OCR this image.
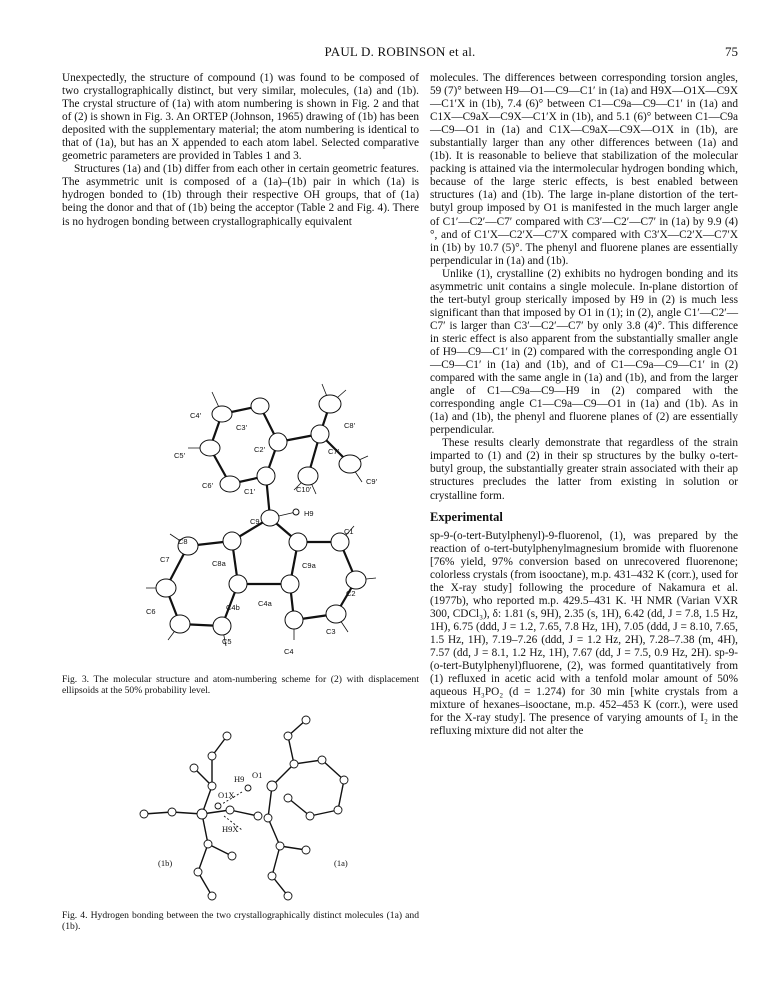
PAUL D. ROBINSON et al.	75

Unexpectedly, the structure of compound (1) was found to be composed of two crystallographically distinct, but very similar, molecules, (1a) and (1b). The crystal structure of (1a) with atom numbering is shown in Fig. 2 and that of (2) is shown in Fig. 3. An ORTEP (Johnson, 1965) drawing of (1b) has been deposited with the supplementary material; the atom numbering is identical to that of (1a), but has an X appended to each atom label. Selected comparative geometric parameters are provided in Tables 1 and 3.

Structures (1a) and (1b) differ from each other in certain geometric features. The asymmetric unit is composed of a (1a)–(1b) pair in which (1a) is hydrogen bonded to (1b) through their respective OH groups, that of (1a) being the donor and that of (1b) being the acceptor (Table 2 and Fig. 4). There is no hydrogen bonding between crystallographically equivalent

C4′
C3′	C8′
C2′	C7′
C5′
C6′	C10′
C9′
C1′
C9
H9
C1
C8
C7	C8a	C9a
C2
C6	C4b C4a
C3
C5
C4
Fig. 3. The molecular structure and atom-numbering scheme for (2) with displacement ellipsoids at the 50% probability level.
H9 O1
O1X
H9X
(1b)	(1a)
Fig. 4. Hydrogen bonding between the two crystallographically distinct molecules (1a) and (1b).

molecules. The differences between corresponding torsion angles, 59 (7)° between H9—O1—C9—C1′ in (1a) and H9X—O1X—C9X—C1′X in (1b), 7.4 (6)° between C1—C9a—C9—C1′ in (1a) and C1X—C9aX—C9X—C1′X in (1b), and 5.1 (6)° between C1—C9a—C9—O1 in (1a) and C1X—C9aX—C9X—O1X in (1b), are substantially larger than any other differences between (1a) and (1b). It is reasonable to believe that stabilization of the molecular packing is attained via the intermolecular hydrogen bonding which, because of the large steric effects, is best enabled between structures (1a) and (1b). The large in-plane distortion of the tert-butyl group imposed by O1 is manifested in the much larger angle of C1′—C2′—C7′ compared with C3′—C2′—C7′ in (1a) by 9.9 (4)°, and of C1′X—C2′X—C7′X compared with C3′X—C2′X—C7′X in (1b) by 10.7 (5)°. The phenyl and fluorene planes are essentially perpendicular in (1a) and (1b).

Unlike (1), crystalline (2) exhibits no hydrogen bonding and its asymmetric unit contains a single molecule. In-plane distortion of the tert-butyl group sterically imposed by H9 in (2) is much less significant than that imposed by O1 in (1); in (2), angle C1′—C2′—C7′ is larger than C3′—C2′—C7′ by only 3.8 (4)°. This difference in steric effect is also apparent from the substantially smaller angle of H9—C9—C1′ in (2) compared with the corresponding angle O1—C9—C1′ in (1a) and (1b), and of C1—C9a—C9—C1′ in (2) compared with the same angle in (1a) and (1b), and from the larger angle of C1—C9a—C9—H9 in (2) compared with the corresponding angle C1—C9a—C9—O1 in (1a) and (1b). As in (1a) and (1b), the phenyl and fluorene planes of (2) are essentially perpendicular.

These results clearly demonstrate that regardless of the strain imparted to (1) and (2) in their sp structures by the bulky o-tert-butyl group, the substantially greater strain associated with their ap structures precludes the latter from existing in solution or crystalline form.

Experimental

sp-9-(o-tert-Butylphenyl)-9-fluorenol, (1), was prepared by the reaction of o-tert-butylphenylmagnesium bromide with fluorenone [76% yield, 97% conversion based on unrecovered fluorenone; colorless crystals (from isooctane), m.p. 431–432 K (corr.), used for the X-ray study] following the procedure of Nakamura et al. (1977b), who reported m.p. 429.5–431 K. ¹H NMR (Varian VXR 300, CDCl₃), δ: 1.81 (s, 9H), 2.35 (s, 1H), 6.42 (dd, J = 7.8, 1.5 Hz, 1H), 6.75 (ddd, J = 1.2, 7.65, 7.8 Hz, 1H), 7.05 (ddd, J = 8.10, 7.65, 1.5 Hz, 1H), 7.19–7.26 (ddd, J = 1.2 Hz, 2H), 7.28–7.38 (m, 4H), 7.57 (dd, J = 8.1, 1.2 Hz, 1H), 7.67 (dd, J = 7.5, 0.9 Hz, 2H). sp-9-(o-tert-Butylphenyl)fluorene, (2), was formed quantitatively from (1) refluxed in acetic acid with a tenfold molar amount of 50% aqueous H₃PO₂ (d = 1.274) for 30 min [white crystals from a mixture of hexanes–isooctane, m.p. 452–453 K (corr.), were used for the X-ray study]. The presence of varying amounts of I₂ in the refluxing mixture did not alter the
